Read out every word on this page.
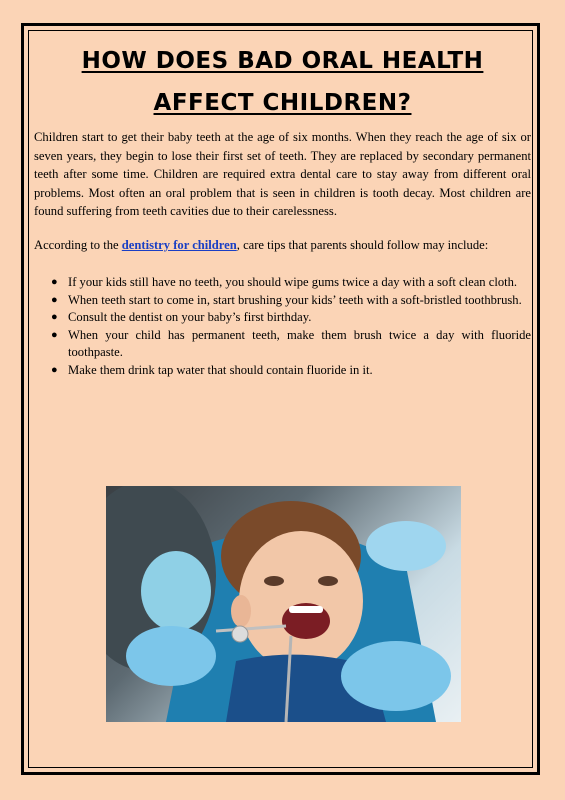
HOW DOES BAD ORAL HEALTH AFFECT CHILDREN?

Children start to get their baby teeth at the age of six months. When they reach the age of six or seven years, they begin to lose their first set of teeth. They are replaced by secondary permanent teeth after some time. Children are required extra dental care to stay away from different oral problems. Most often an oral problem that is seen in children is tooth decay. Most children are found suffering from teeth cavities due to their carelessness.

According to the dentistry for children, care tips that parents should follow may include:
● If your kids still have no teeth, you should wipe gums twice a day with a soft clean cloth.
● When teeth start to come in, start brushing your kids’ teeth with a soft-bristled toothbrush.
● Consult the dentist on your baby’s first birthday.
● When your child has permanent teeth, make them brush twice a day with fluoride toothpaste.
● Make them drink tap water that should contain fluoride in it.
